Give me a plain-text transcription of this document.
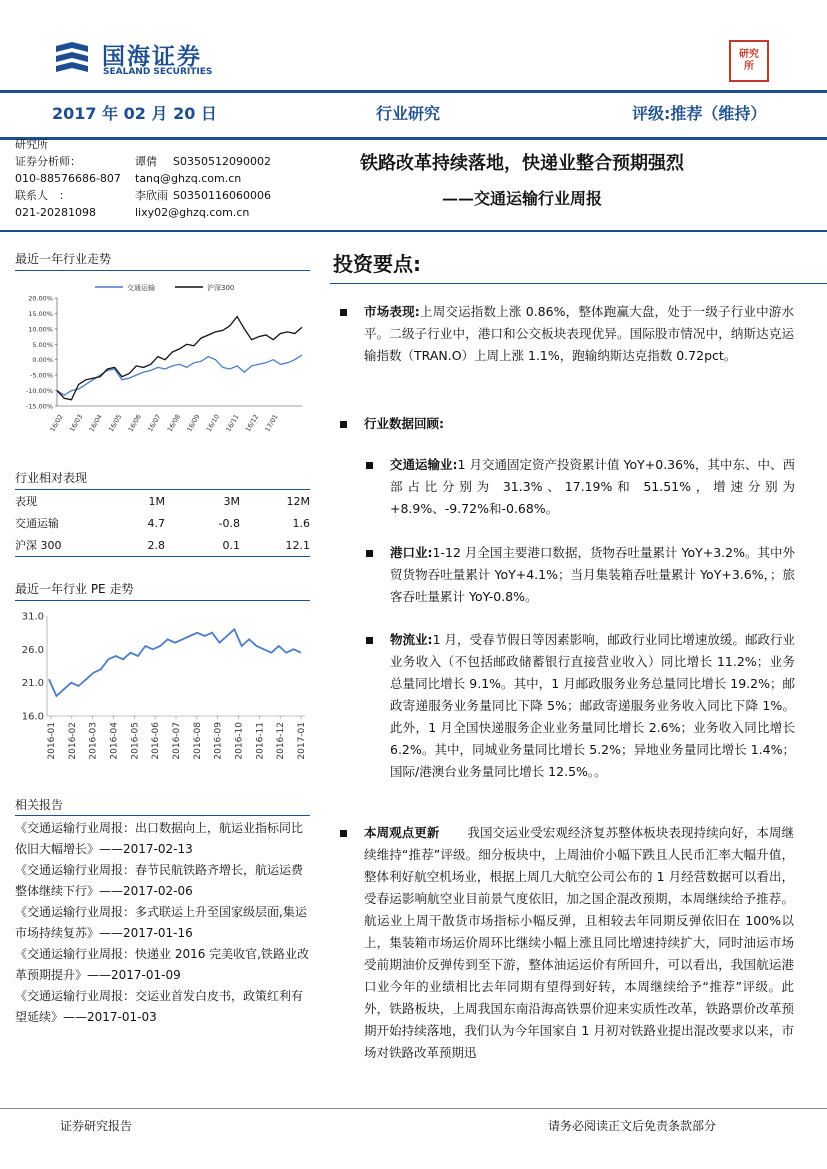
国海证券
SEALAND SECURITIES
研究所
2017 年 02 月 20 日	行业研究	评级:推荐（维持）
研究所
证券分析师：	谭倩 S0350512090002
010-88576686-807 tanq@ghzq.com.cn
联系人　：	李欣雨 S0350116060006
021-20281098	lixy02@ghzq.com.cn
铁路改革持续落地，快递业整合预期强烈
——交通运输行业周报
最近一年行业走势
交通运输	沪深300
20.00%
15.00%
10.00%
5.00%
0.00%
-5.00%
-10.00%
-15.00%
16/02 16/03 16/04 16/05 16/06 16/07 16/08 16/09 16/10 16/11 16/12 17/01
行业相对表现
表现	1M	3M	12M
交通运输	4.7	-0.8	1.6
沪深 300	2.8	0.1	12.1
最近一年行业 PE 走势
31.0
26.0
21.0
16.0
2016-01 2016-02 2016-03 2016-04 2016-05 2016-06 2016-07 2016-08 2016-09 2016-10 2016-11 2016-12 2017-01
相关报告
《交通运输行业周报：出口数据向上，航运业指标同比依旧大幅增长》——2017-02-13
《交通运输行业周报：春节民航铁路齐增长，航运运费整体继续下行》——2017-02-06
《交通运输行业周报：多式联运上升至国家级层面,集运市场持续复苏》——2017-01-16
《交通运输行业周报：快递业 2016 完美收官,铁路业改革预期提升》——2017-01-09
《交通运输行业周报：交运业首发白皮书，政策红利有望延续》——2017-01-03
投资要点:
市场表现:上周交运指数上涨 0.86%，整体跑赢大盘，处于一级子行业中游水平。二级子行业中，港口和公交板块表现优异。国际股市情况中，纳斯达克运输指数（TRAN.O）上周上涨 1.1%，跑输纳斯达克指数 0.72pct。
行业数据回顾:
交通运输业:1 月交通固定资产投资累计值 YoY+0.36%，其中东、中、西部占比分别为 31.3%、17.19%和 51.51%，增速分别为+8.9%、-9.72%和-0.68%。
港口业:1-12 月全国主要港口数据，货物吞吐量累计 YoY+3.2%。其中外贸货物吞吐量累计 YoY+4.1%；当月集装箱吞吐量累计 YoY+3.6%，；旅客吞吐量累计 YoY-0.8%。
物流业:1 月，受春节假日等因素影响，邮政行业同比增速放缓。邮政行业业务收入（不包括邮政储蓄银行直接营业收入）同比增长 11.2%；业务总量同比增长 9.1%。其中，1 月邮政服务业务总量同比增长 19.2%；邮政寄递服务业务量同比下降 5%；邮政寄递服务业务收入同比下降 1%。此外，1 月全国快递服务企业业务量同比增长 2.6%；业务收入同比增长 6.2%。其中，同城业务量同比增长 5.2%；异地业务量同比增长 1.4%；国际/港澳台业务量同比增长 12.5%。。
本周观点更新 我国交运业受宏观经济复苏整体板块表现持续向好，本周继续维持“推荐”评级。细分板块中，上周油价小幅下跌且人民币汇率大幅升值，整体利好航空机场业，根据上周几大航空公司公布的 1 月经营数据可以看出，受春运影响航空业目前景气度依旧，加之国企混改预期，本周继续给予推荐。航运业上周干散货市场指标小幅反弹，且相较去年同期反弹依旧在 100%以上，集装箱市场运价周环比继续小幅上涨且同比增速持续扩大，同时油运市场受前期油价反弹传到至下游，整体油运运价有所回升，可以看出，我国航运港口业今年的业绩相比去年同期有望得到好转，本周继续给予“推荐”评级。此外，铁路板块，上周我国东南沿海高铁票价迎来实质性改革，铁路票价改革预期开始持续落地，我们认为今年国家自 1 月初对铁路业提出混改要求以来，市场对铁路改革预期迅
证券研究报告	请务必阅读正文后免责条款部分
